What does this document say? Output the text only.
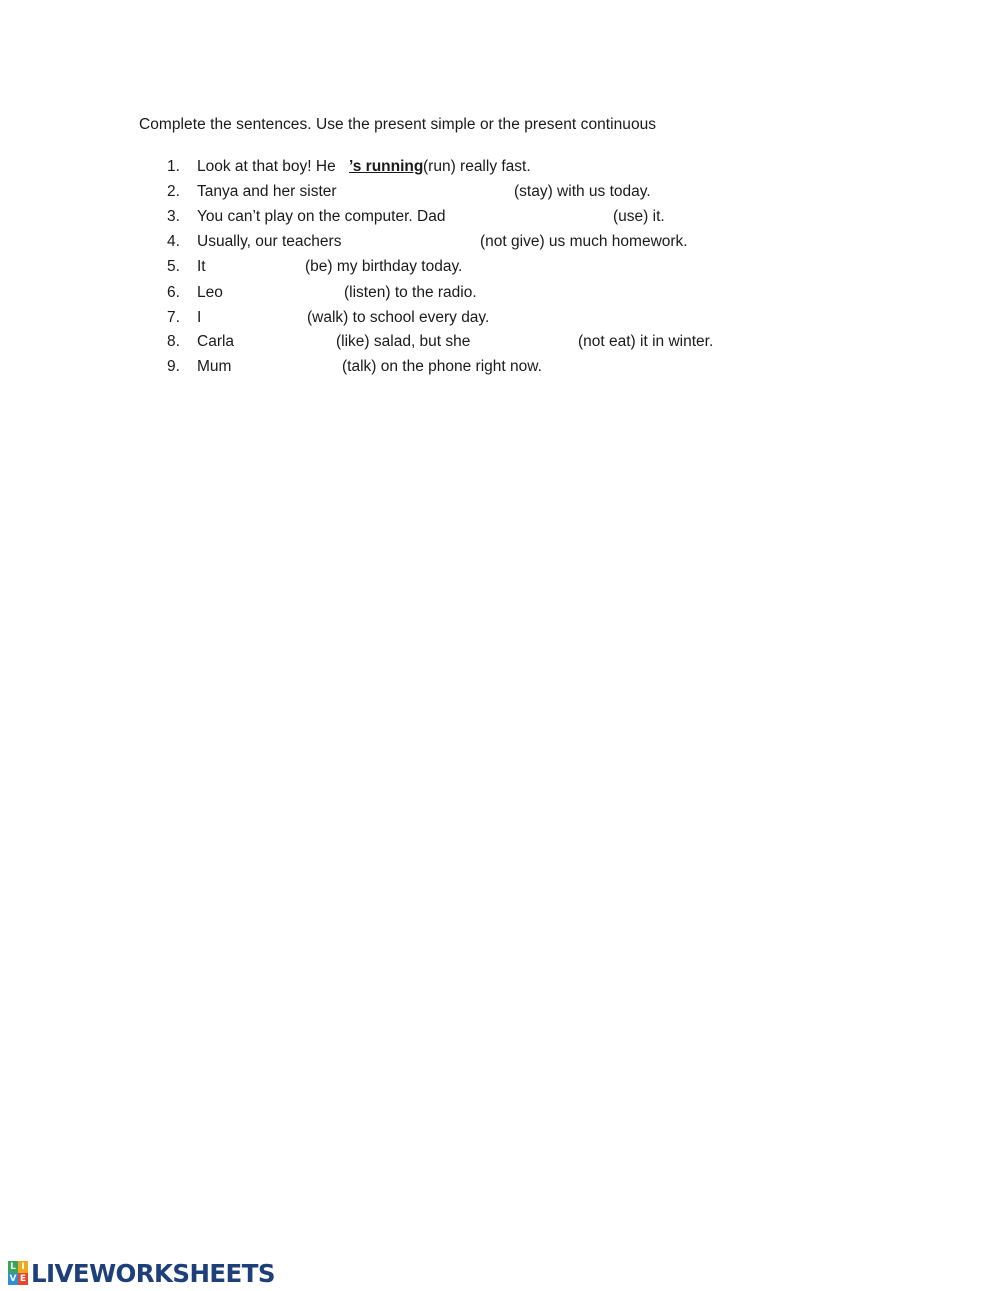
Complete the sentences. Use the present simple or the present continuous
1. Look at that boy! He ’s running (run) really fast.
2. Tanya and her sister	(stay) with us today.
3. You can’t play on the computer. Dad	(use) it.
4. Usually, our teachers	(not give) us much homework.
5. It	(be) my birthday today.
6. Leo	(listen) to the radio.
7. I	(walk) to school every day.
8. Carla	(like) salad, but she	(not eat) it in winter.
9. Mum	(talk) on the phone right now.
L I
V E LIVEWORKSHEETS
